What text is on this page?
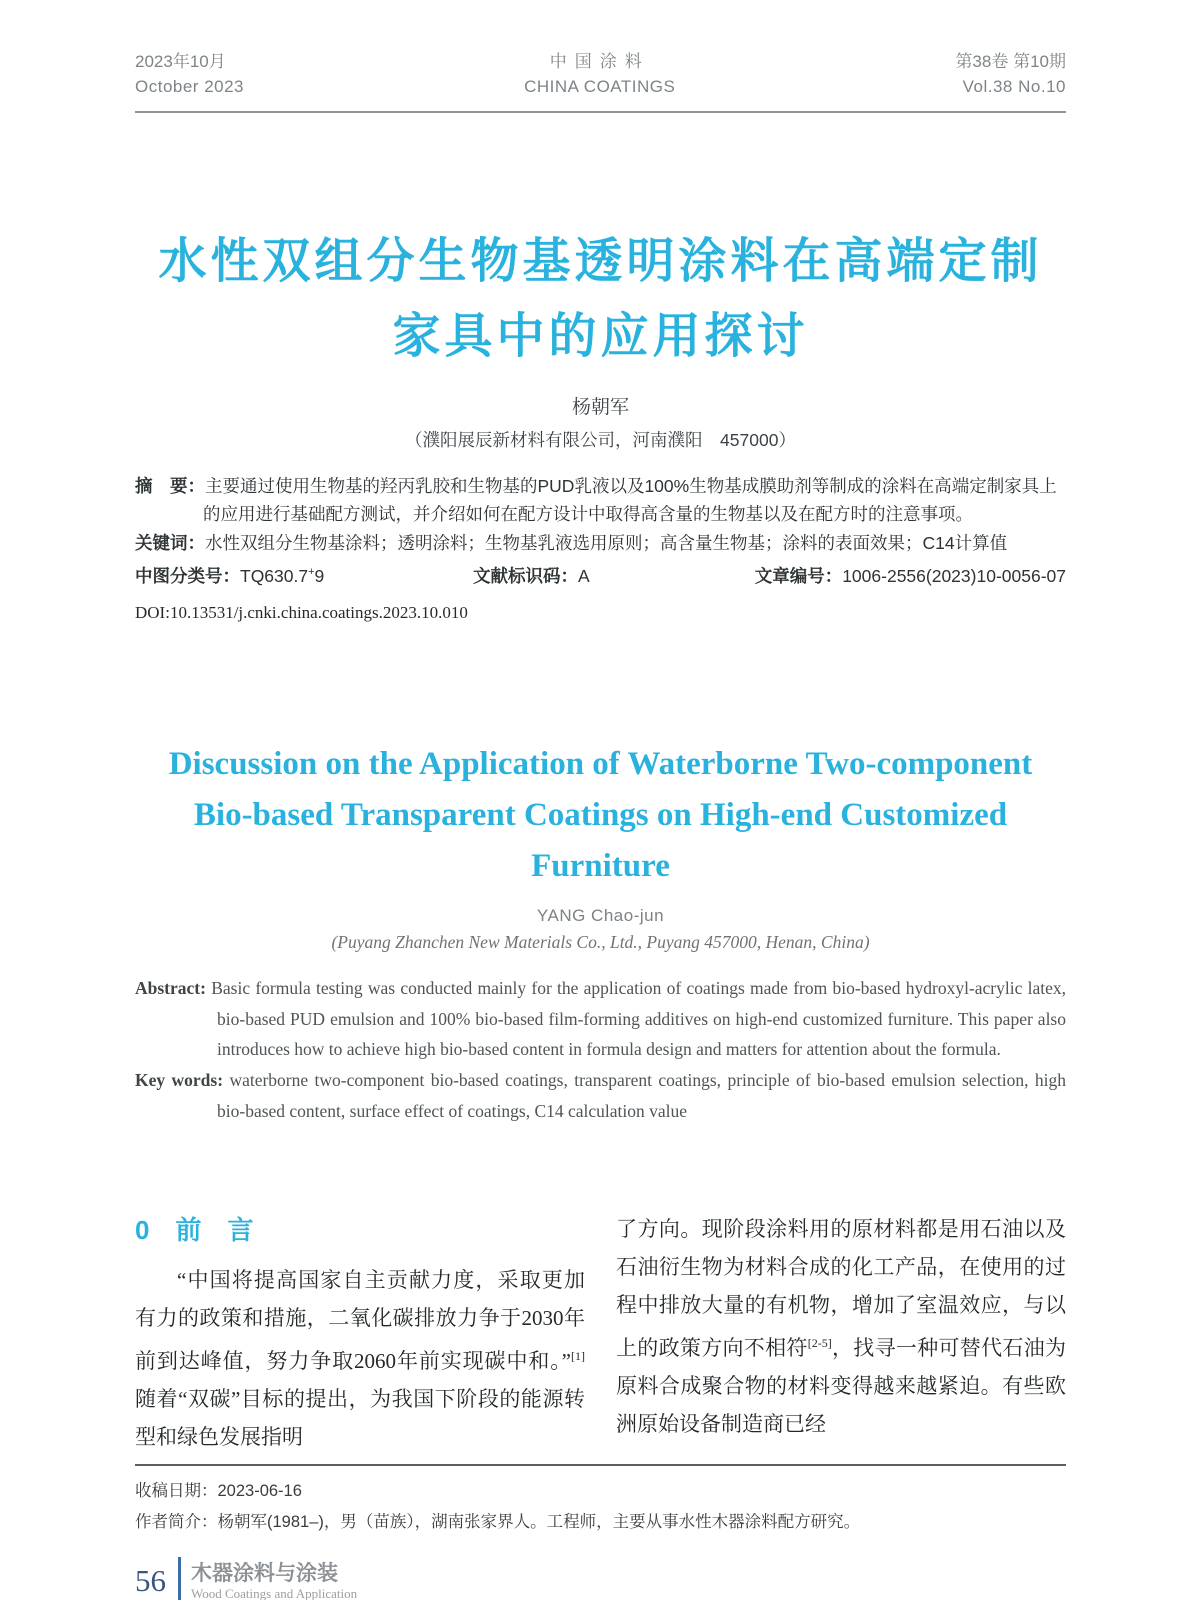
2023年10月
October 2023
中国涂料
CHINA COATINGS
第38卷 第10期
Vol.38 No.10
水性双组分生物基透明涂料在高端定制
家具中的应用探讨
杨朝军
（濮阳展辰新材料有限公司，河南濮阳　457000）

摘　要：主要通过使用生物基的羟丙乳胶和生物基的PUD乳液以及100%生物基成膜助剂等制成的涂料在高端定制家具上的应用进行基础配方测试，并介绍如何在配方设计中取得高含量的生物基以及在配方时的注意事项。

关键词：水性双组分生物基涂料；透明涂料；生物基乳液选用原则；高含量生物基；涂料的表面效果；C14计算值

中图分类号：TQ630.7+9	文献标识码：A	文章编号：1006-2556(2023)10-0056-07
DOI:10.13531/j.cnki.china.coatings.2023.10.010
Discussion on the Application of Waterborne Two-component
Bio-based Transparent Coatings on High-end Customized
Furniture
YANG Chao-jun
(Puyang Zhanchen New Materials Co., Ltd., Puyang 457000, Henan, China)

Abstract: Basic formula testing was conducted mainly for the application of coatings made from bio-based hydroxyl-acrylic latex, bio-based PUD emulsion and 100% bio-based film-forming additives on high-end customized furniture. This paper also introduces how to achieve high bio-based content in formula design and matters for attention about the formula.

Key words: waterborne two-component bio-based coatings, transparent coatings, principle of bio-based emulsion selection, high bio-based content, surface effect of coatings, C14 calculation value

0　前　言

“中国将提高国家自主贡献力度，采取更加有力的政策和措施，二氧化碳排放力争于2030年前到达峰值，努力争取2060年前实现碳中和。”[1]随着“双碳”目标的提出，为我国下阶段的能源转型和绿色发展指明

了方向。现阶段涂料用的原材料都是用石油以及石油衍生物为材料合成的化工产品，在使用的过程中排放大量的有机物，增加了室温效应，与以上的政策方向不相符[2-5]，找寻一种可替代石油为原料合成聚合物的材料变得越来越紧迫。有些欧洲原始设备制造商已经

收稿日期：2023-06-16

作者简介：杨朝军(1981–)，男（苗族），湖南张家界人。工程师，主要从事水性木器涂料配方研究。

56 木器涂料与涂装
Wood Coatings and Application
